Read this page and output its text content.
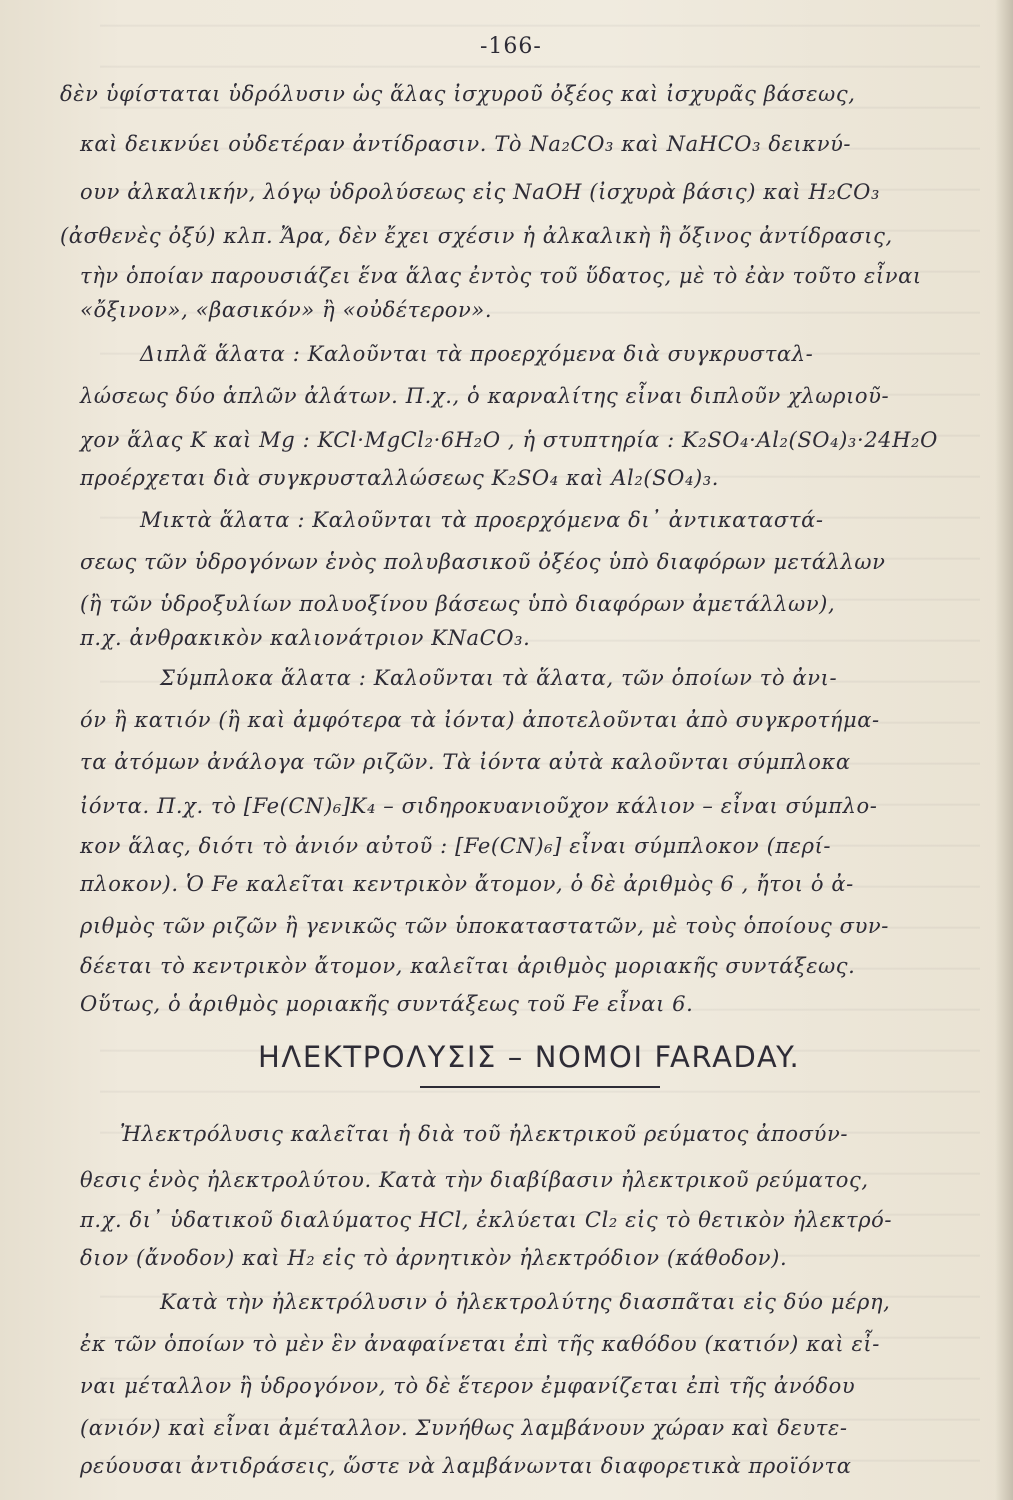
-166-
δὲν ὑφίσταται ὑδρόλυσιν ὡς ἅλας ἰσχυροῦ ὀξέος καὶ ἰσχυρᾶς βάσεως,
καὶ δεικνύει οὐδετέραν ἀντίδρασιν. Τὸ Na₂CO₃ καὶ NaHCO₃ δεικνύ-
ουν ἀλκαλικήν, λόγῳ ὑδρολύσεως εἰς NaOH (ἰσχυρὰ βάσις) καὶ H₂CO₃
(ἀσθενὲς ὀξύ) κλπ. Ἄρα, δὲν ἔχει σχέσιν ἡ ἀλκαλικὴ ἢ ὄξινος ἀντίδρασις,
τὴν ὁποίαν παρουσιάζει ἕνα ἅλας ἐντὸς τοῦ ὕδατος, μὲ τὸ ἐὰν τοῦτο εἶναι
«ὄξινον», «βασικόν» ἢ «οὐδέτερον».
Διπλᾶ ἅλατα : Καλοῦνται τὰ προερχόμενα διὰ συγκρυσταλ-
λώσεως δύο ἁπλῶν ἀλάτων. Π.χ., ὁ καρναλίτης εἶναι διπλοῦν χλωριοῦ-
χον ἅλας K καὶ Mg : KCl·MgCl₂·6H₂O , ἡ στυπτηρία : K₂SO₄·Al₂(SO₄)₃·24H₂O
προέρχεται διὰ συγκρυσταλλώσεως K₂SO₄ καὶ Al₂(SO₄)₃.
Μικτὰ ἅλατα : Καλοῦνται τὰ προερχόμενα δι᾽ ἀντικαταστά-
σεως τῶν ὑδρογόνων ἑνὸς πολυβασικοῦ ὀξέος ὑπὸ διαφόρων μετάλλων
(ἢ τῶν ὑδροξυλίων πολυοξίνου βάσεως ὑπὸ διαφόρων ἀμετάλλων),
π.χ. ἀνθρακικὸν καλιονάτριον KNaCO₃.
Σύμπλοκα ἅλατα : Καλοῦνται τὰ ἅλατα, τῶν ὁποίων τὸ ἀνι-
όν ἢ κατιόν (ἢ καὶ ἀμφότερα τὰ ἰόντα) ἀποτελοῦνται ἀπὸ συγκροτήμα-
τα ἀτόμων ἀνάλογα τῶν ριζῶν. Τὰ ἰόντα αὐτὰ καλοῦνται σύμπλοκα
ἰόντα. Π.χ. τὸ [Fe(CN)₆]K₄ – σιδηροκυανιοῦχον κάλιον – εἶναι σύμπλο-
κον ἅλας, διότι τὸ ἀνιόν αὐτοῦ : [Fe(CN)₆] εἶναι σύμπλοκον (περί-
πλοκον). Ὁ Fe καλεῖται κεντρικὸν ἄτομον, ὁ δὲ ἀριθμὸς 6 , ἤτοι ὁ ἀ-
ριθμὸς τῶν ριζῶν ἢ γενικῶς τῶν ὑποκαταστατῶν, μὲ τοὺς ὁποίους συν-
δέεται τὸ κεντρικὸν ἄτομον, καλεῖται ἀριθμὸς μοριακῆς συντάξεως.
Οὕτως, ὁ ἀριθμὸς μοριακῆς συντάξεως τοῦ Fe εἶναι 6.
ΗΛΕΚΤΡΟΛΥΣΙΣ – ΝΟΜΟΙ FARADAY.
Ἠλεκτρόλυσις καλεῖται ἡ διὰ τοῦ ἠλεκτρικοῦ ρεύματος ἀποσύν-
θεσις ἑνὸς ἠλεκτρολύτου. Κατὰ τὴν διαβίβασιν ἠλεκτρικοῦ ρεύματος,
π.χ. δι᾽ ὑδατικοῦ διαλύματος HCl, ἐκλύεται Cl₂ εἰς τὸ θετικὸν ἠλεκτρό-
διον (ἄνοδον) καὶ H₂ εἰς τὸ ἀρνητικὸν ἠλεκτρόδιον (κάθοδον).
Κατὰ τὴν ἠλεκτρόλυσιν ὁ ἠλεκτρολύτης διασπᾶται εἰς δύο μέρη,
ἐκ τῶν ὁποίων τὸ μὲν ἓν ἀναφαίνεται ἐπὶ τῆς καθόδου (κατιόν) καὶ εἶ-
ναι μέταλλον ἢ ὑδρογόνον, τὸ δὲ ἕτερον ἐμφανίζεται ἐπὶ τῆς ἀνόδου
(ανιόν) καὶ εἶναι ἀμέταλλον. Συνήθως λαμβάνουν χώραν καὶ δευτε-
ρεύουσαι ἀντιδράσεις, ὥστε νὰ λαμβάνωνται διαφορετικὰ προϊόντα
